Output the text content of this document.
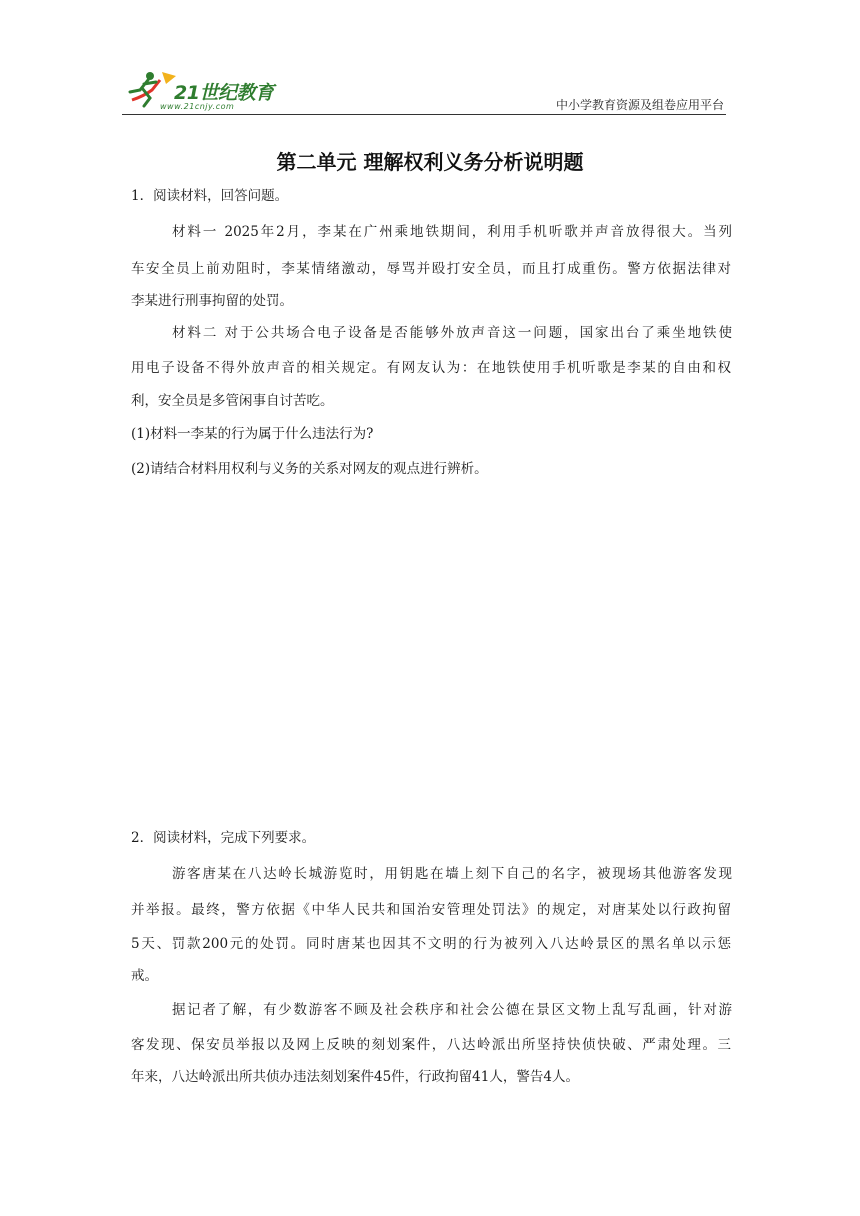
21世纪教育
www.21cnjy.com	中小学教育资源及组卷应用平台
第二单元 理解权利义务分析说明题
1．阅读材料，回答问题。
材料一 2025年2月，李某在广州乘地铁期间，利用手机听歌并声音放得很大。当列
车安全员上前劝阻时，李某情绪激动，辱骂并殴打安全员，而且打成重伤。警方依据法律对
李某进行刑事拘留的处罚。
材料二 对于公共场合电子设备是否能够外放声音这一问题，国家出台了乘坐地铁使
用电子设备不得外放声音的相关规定。有网友认为：在地铁使用手机听歌是李某的自由和权
利，安全员是多管闲事自讨苦吃。
(1)材料一李某的行为属于什么违法行为?
(2)请结合材料用权利与义务的关系对网友的观点进行辨析。
2．阅读材料，完成下列要求。
游客唐某在八达岭长城游览时，用钥匙在墙上刻下自己的名字，被现场其他游客发现
并举报。最终，警方依据《中华人民共和国治安管理处罚法》的规定，对唐某处以行政拘留
5天、罚款200元的处罚。同时唐某也因其不文明的行为被列入八达岭景区的黑名单以示惩
戒。
据记者了解，有少数游客不顾及社会秩序和社会公德在景区文物上乱写乱画，针对游
客发现、保安员举报以及网上反映的刻划案件，八达岭派出所坚持快侦快破、严肃处理。三
年来，八达岭派出所共侦办违法刻划案件45件，行政拘留41人，警告4人。
